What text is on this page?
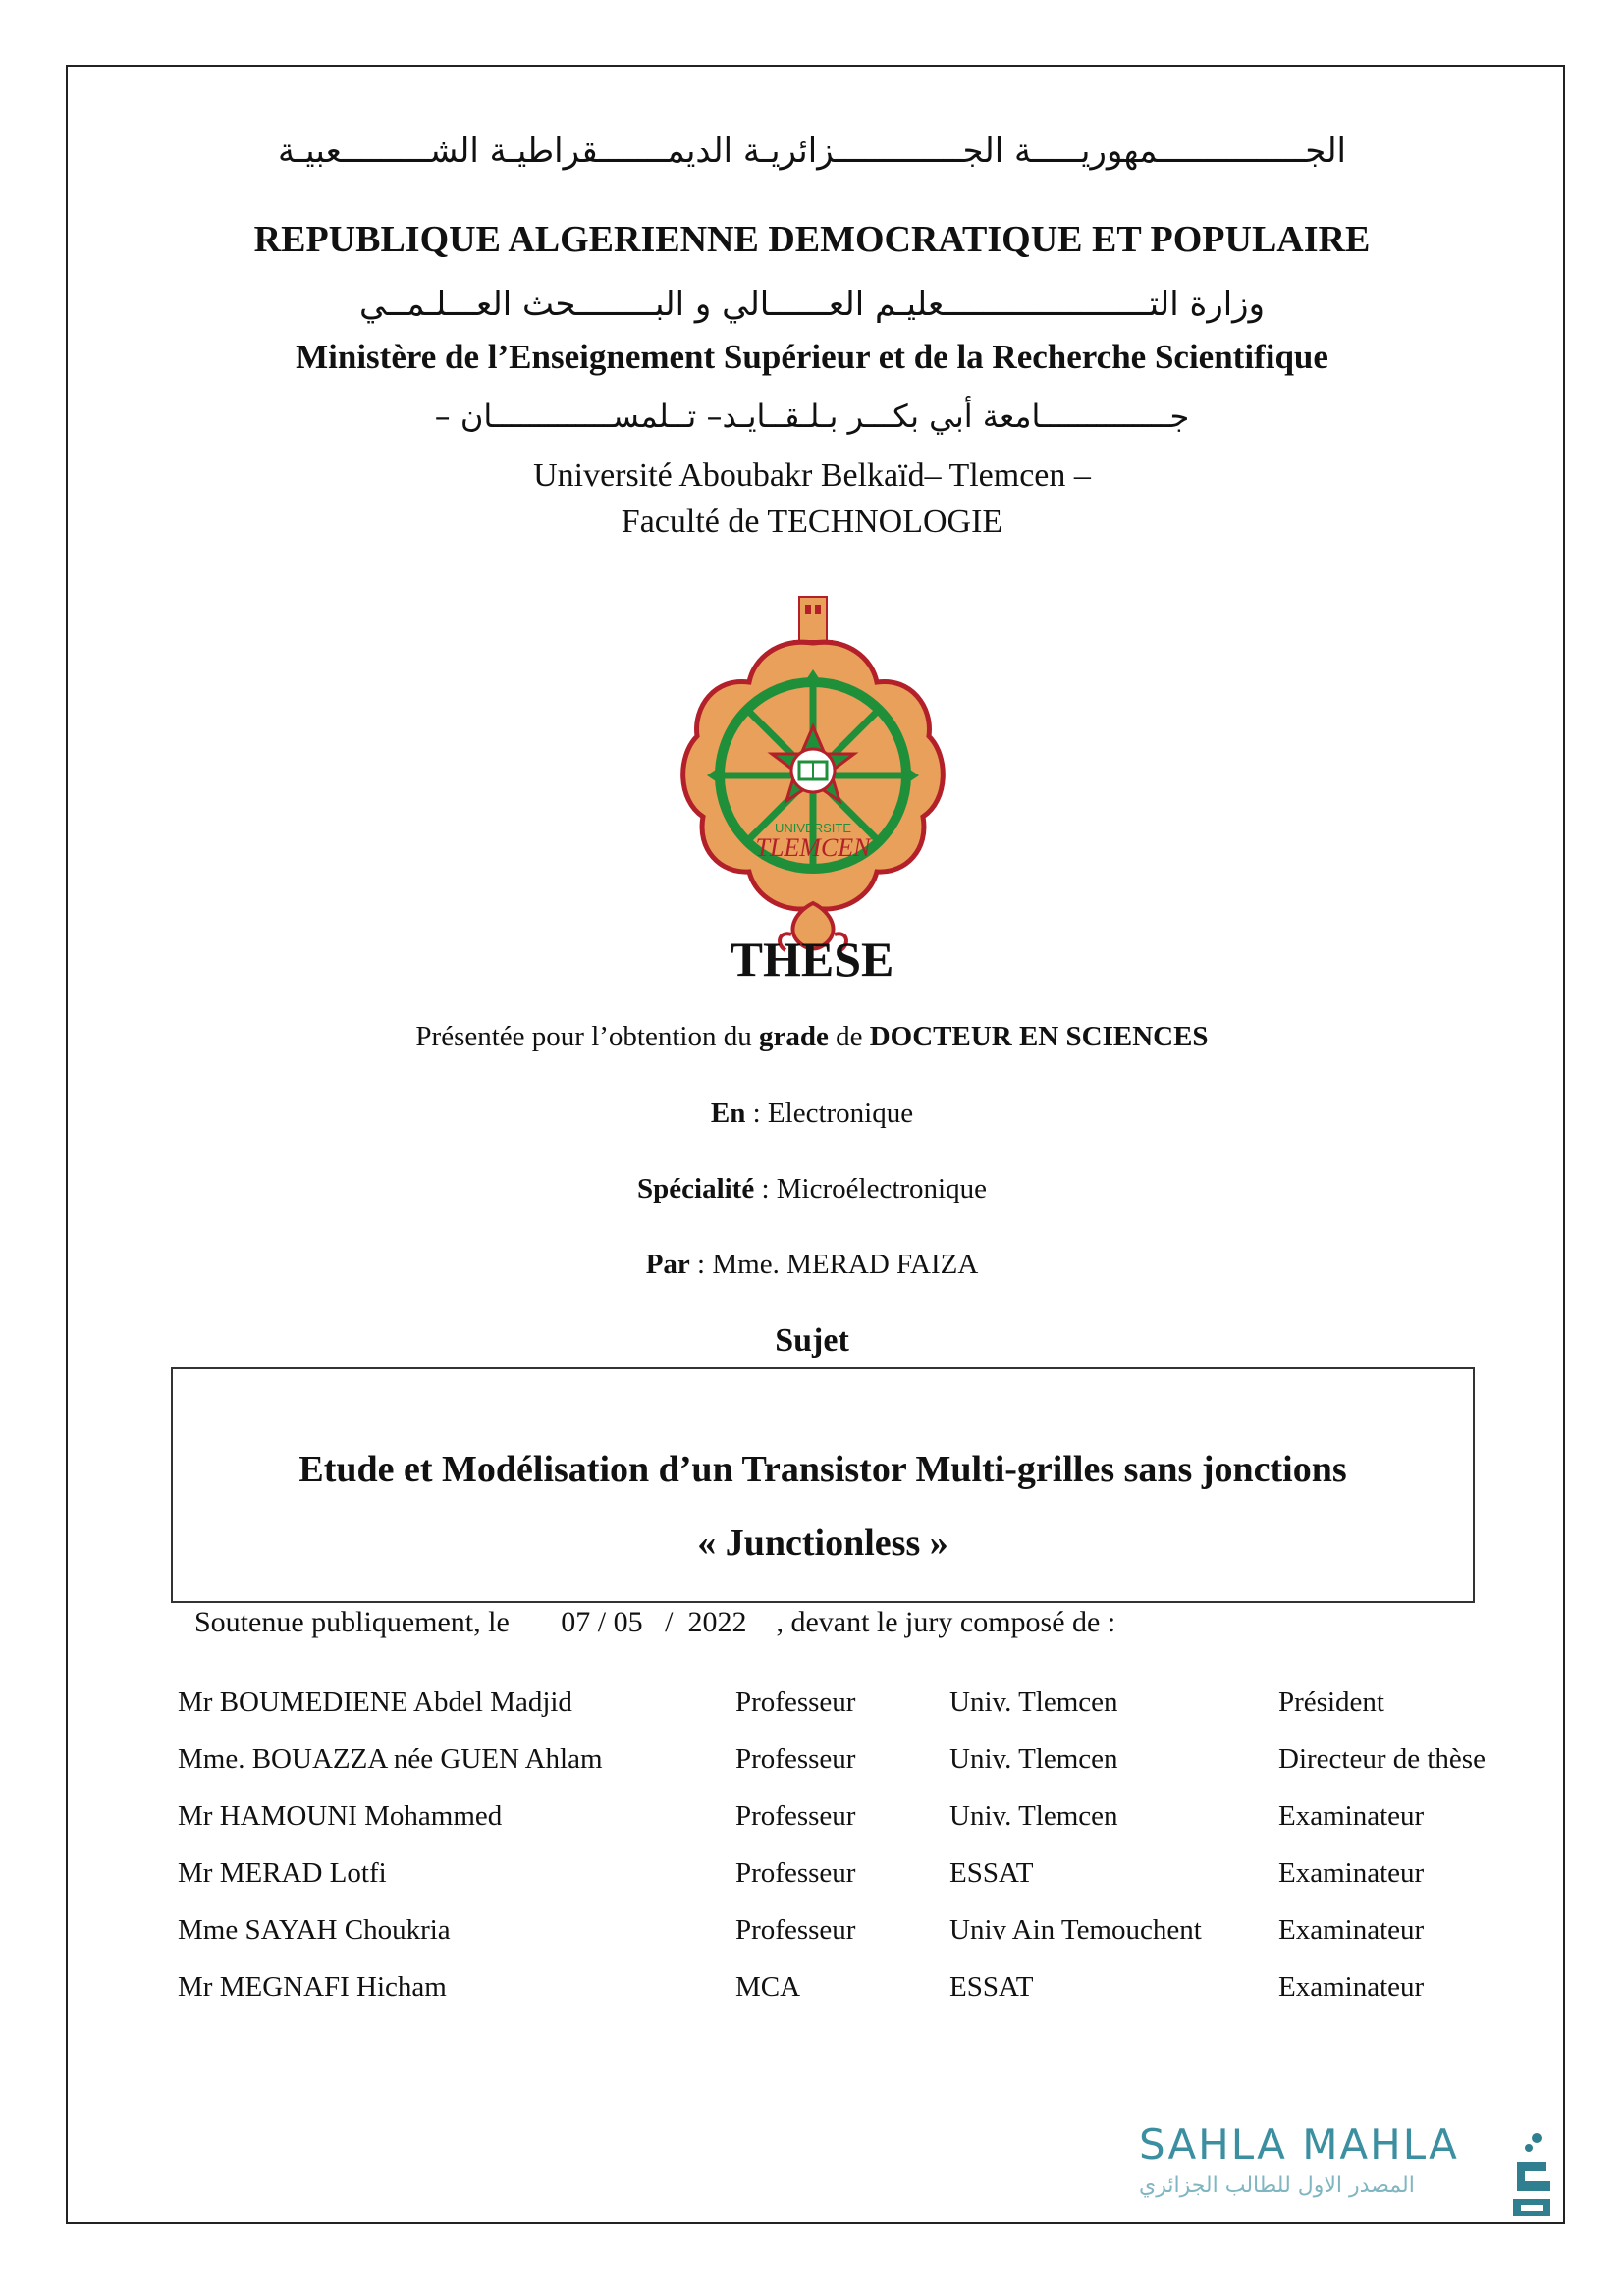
الجـــــــــــــــمهوريـــــة الجـــــــــــــزائريـة الديمـــــــقراطيـة الشـــــــــعبيـة
REPUBLIQUE ALGERIENNE DEMOCRATIQUE ET POPULAIRE
وزارة التـــــــــــــــــــــعليـم العــــــالي و البــــــــحث العـــلـمــي
Ministère de l’Enseignement Supérieur et de la Recherche Scientifique
جــــــــــــــامعة أبي بكـــر بـلـقــايـد– تــلمســـــــــــــان –
Université Aboubakr Belkaïd– Tlemcen –
Faculté de TECHNOLOGIE
UNIVERSITE
TLEMCEN
THESE
Présentée pour l’obtention du grade de DOCTEUR EN SCIENCES
En : Electronique
Spécialité : Microélectronique
Par : Mme. MERAD FAIZA
Sujet
Etude et Modélisation d’un Transistor Multi-grilles sans jonctions
« Junctionless »
Soutenue publiquement, le       07 / 05   /  2022    , devant le jury composé de :
Mr BOUMEDIENE Abdel Madjid	Professeur	Univ. Tlemcen	Président
Mme. BOUAZZA née GUEN Ahlam	Professeur	Univ. Tlemcen	Directeur de thèse
Mr HAMOUNI Mohammed	Professeur	Univ. Tlemcen	Examinateur
Mr MERAD Lotfi	Professeur	ESSAT	Examinateur
Mme SAYAH Choukria	Professeur	Univ Ain Temouchent	Examinateur
Mr MEGNAFI Hicham	MCA	ESSAT	Examinateur
SAHLA MAHLA
المصدر الاول للطالب الجزائري
